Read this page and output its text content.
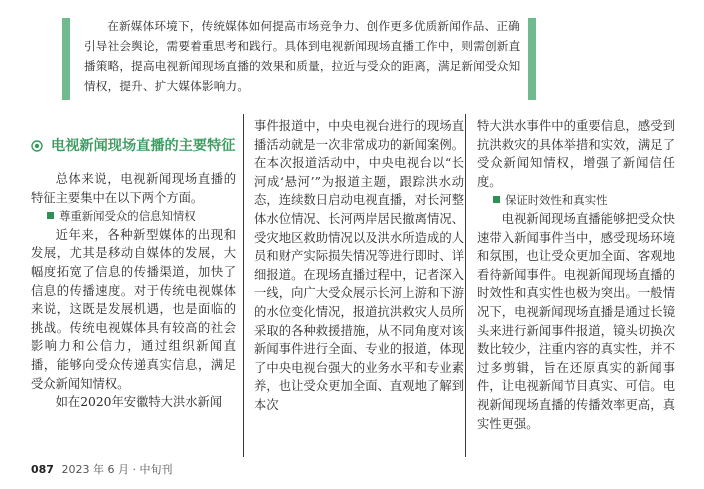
在新媒体环境下，传统媒体如何提高市场竞争力、创作更多优质新闻作品、正确引导社会舆论，需要着重思考和践行。具体到电视新闻现场直播工作中，则需创新直播策略，提高电视新闻现场直播的效果和质量，拉近与受众的距离，满足新闻受众知情权，提升、扩大媒体影响力。

电视新闻现场直播的主要特征

总体来说，电视新闻现场直播的特征主要集中在以下两个方面。

尊重新闻受众的信息知情权

近年来，各种新型媒体的出现和发展，尤其是移动自媒体的发展，大幅度拓宽了信息的传播渠道，加快了信息的传播速度。对于传统电视媒体来说，这既是发展机遇，也是面临的挑战。传统电视媒体具有较高的社会影响力和公信力，通过组织新闻直播，能够向受众传递真实信息，满足受众新闻知情权。

如在2020年安徽特大洪水新闻

事件报道中，中央电视台进行的现场直播活动就是一次非常成功的新闻案例。在本次报道活动中，中央电视台以“长河成‘悬河’”为报道主题，跟踪洪水动态，连续数日启动电视直播，对长河整体水位情况、长河两岸居民撤离情况、受灾地区救助情况以及洪水所造成的人员和财产实际损失情况等进行即时、详细报道。在现场直播过程中，记者深入一线，向广大受众展示长河上游和下游的水位变化情况，报道抗洪救灾人员所采取的各种救援措施，从不同角度对该新闻事件进行全面、专业的报道，体现了中央电视台强大的业务水平和专业素养，也让受众更加全面、直观地了解到本次

特大洪水事件中的重要信息，感受到抗洪救灾的具体举措和实效，满足了受众新闻知情权，增强了新闻信任度。

保证时效性和真实性

电视新闻现场直播能够把受众快速带入新闻事件当中，感受现场环境和氛围，也让受众更加全面、客观地看待新闻事件。电视新闻现场直播的时效性和真实性也极为突出。一般情况下，电视新闻现场直播是通过长镜头来进行新闻事件报道，镜头切换次数比较少，注重内容的真实性，并不过多剪辑，旨在还原真实的新闻事件，让电视新闻节目真实、可信。电视新闻现场直播的传播效率更高，真实性更强。

087 2023 年 6 月 · 中旬刊
